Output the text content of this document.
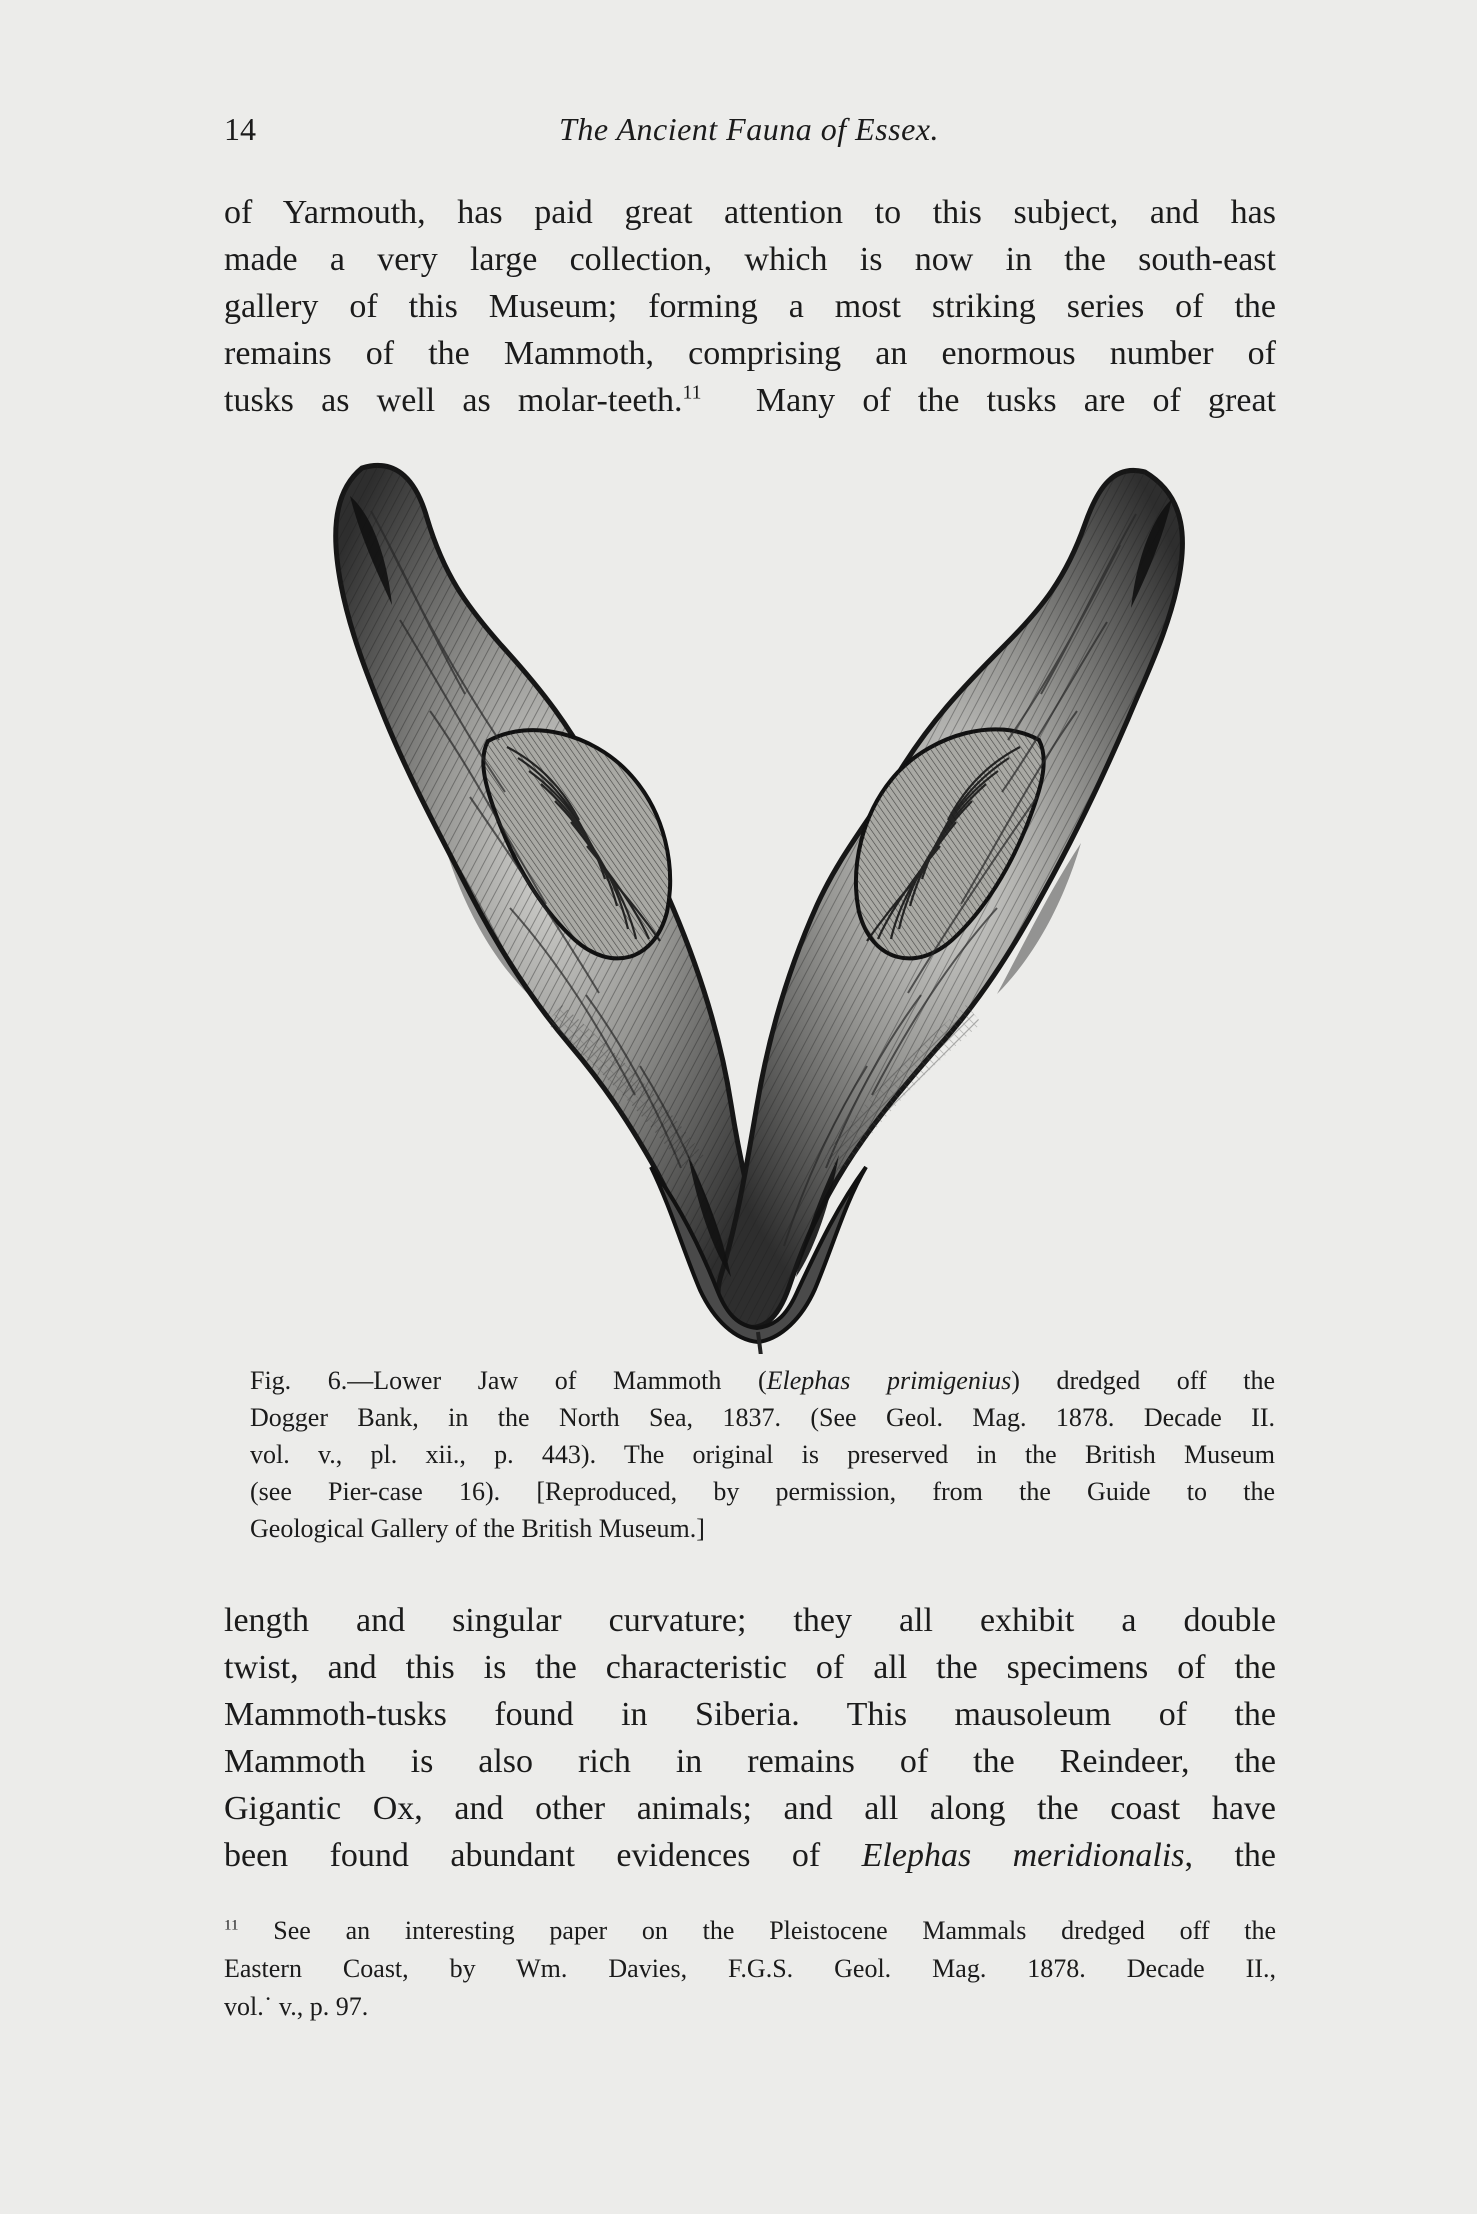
14	The Ancient Fauna of Essex.
of Yarmouth, has paid great attention to this subject, and has
made a very large collection, which is now in the south-east
gallery of this Museum; forming a most striking series of the
remains of the Mammoth, comprising an enormous number of
tusks as well as molar-teeth.$^{11}$ Many of the tusks are of great
Fig. 6.—Lower Jaw of Mammoth (Elephas primigenius) dredged off the
Dogger Bank, in the North Sea, 1837. (See Geol. Mag. 1878. Decade II.
vol. v., pl. xii., p. 443). The original is preserved in the British Museum
(see Pier-case 16). [Reproduced, by permission, from the Guide to the
Geological Gallery of the British Museum.]
length and singular curvature; they all exhibit a double
twist, and this is the characteristic of all the specimens of the
Mammoth-tusks found in Siberia. This mausoleum of the
Mammoth is also rich in remains of the Reindeer, the
Gigantic Ox, and other animals; and all along the coast have
been found abundant evidences of Elephas meridionalis, the
$^{11}$ See an interesting paper on the Pleistocene Mammals dredged off the
Eastern Coast, by Wm. Davies, F.G.S. Geol. Mag. 1878. Decade II.,
vol.˙ v., p. 97.
